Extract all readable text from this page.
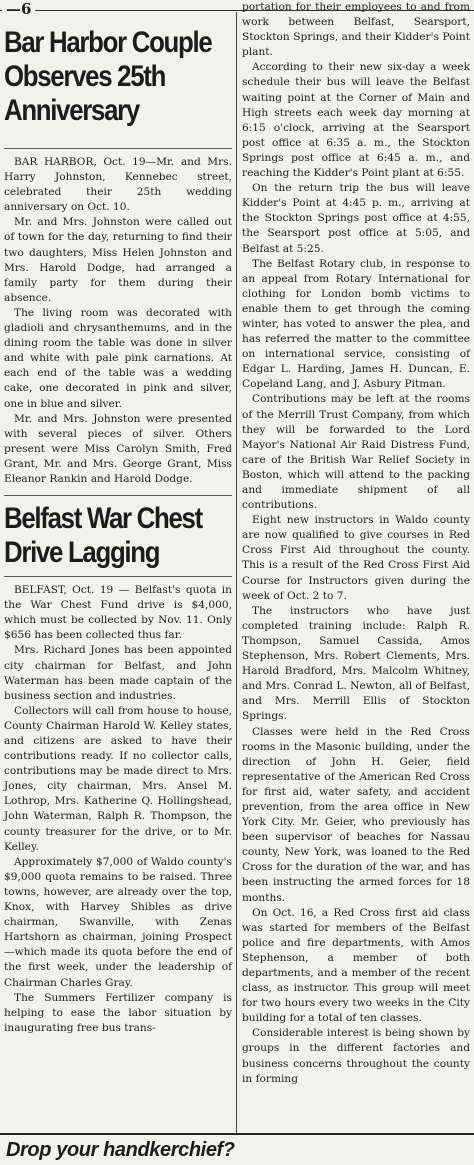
—6
Bar Harbor Couple Observes 25th Anniversary

BAR HARBOR, Oct. 19—Mr. and Mrs. Harry Johnston, Kennebec street, celebrated their 25th wedding anniversary on Oct. 10.

Mr. and Mrs. Johnston were called out of town for the day, returning to find their two daughters, Miss Helen Johnston and Mrs. Harold Dodge, had arranged a family party for them during their absence.

The living room was decorated with gladioli and chrysanthemums, and in the dining room the table was done in silver and white with pale pink carnations. At each end of the table was a wedding cake, one decorated in pink and silver, one in blue and silver.

Mr. and Mrs. Johnston were presented with several pieces of silver. Others present were Miss Carolyn Smith, Fred Grant, Mr. and Mrs. George Grant, Miss Eleanor Rankin and Harold Dodge.

Belfast War Chest Drive Lagging

BELFAST, Oct. 19 — Belfast's quota in the War Chest Fund drive is $4,000, which must be collected by Nov. 11. Only $656 has been collected thus far.

Mrs. Richard Jones has been appointed city chairman for Belfast, and John Waterman has been made captain of the business section and industries.

Collectors will call from house to house, County Chairman Harold W. Kelley states, and citizens are asked to have their contributions ready. If no collector calls, contributions may be made direct to Mrs. Jones, city chairman, Mrs. Ansel M. Lothrop, Mrs. Katherine Q. Hollingshead, John Waterman, Ralph R. Thompson, the county treasurer for the drive, or to Mr. Kelley.

Approximately $7,000 of Waldo county's $9,000 quota remains to be raised. Three towns, however, are already over the top, Knox, with Harvey Shibles as drive chairman, Swanville, with Zenas Hartshorn as chairman, joining Prospect—which made its quota before the end of the first week, under the leadership of Chairman Charles Gray.

The Summers Fertilizer company is helping to ease the labor situation by inaugurating free bus trans-

portation for their employees to and from work between Belfast, Searsport, Stockton Springs, and their Kidder's Point plant.

According to their new six-day a week schedule their bus will leave the Belfast waiting point at the Corner of Main and High streets each week day morning at 6:15 o'clock, arriving at the Searsport post office at 6:35 a. m., the Stockton Springs post office at 6:45 a. m., and reaching the Kidder's Point plant at 6:55.

On the return trip the bus will leave Kidder's Point at 4:45 p. m., arriving at the Stockton Springs post office at 4:55, the Searsport post office at 5:05, and Belfast at 5:25.

The Belfast Rotary club, in response to an appeal from Rotary International for clothing for London bomb victims to enable them to get through the coming winter, has voted to answer the plea, and has referred the matter to the committee on international service, consisting of Edgar L. Harding, James H. Duncan, E. Copeland Lang, and J. Asbury Pitman.

Contributions may be left at the rooms of the Merrill Trust Company, from which they will be forwarded to the Lord Mayor's National Air Raid Distress Fund, care of the British War Relief Society in Boston, which will attend to the packing and immediate shipment of all contributions.

Eight new instructors in Waldo county are now qualified to give courses in Red Cross First Aid throughout the county. This is a result of the Red Cross First Aid Course for Instructors given during the week of Oct. 2 to 7.

The instructors who have just completed training include: Ralph R. Thompson, Samuel Cassida, Amos Stephenson, Mrs. Robert Clements, Mrs. Harold Bradford, Mrs. Malcolm Whitney, and Mrs. Conrad L. Newton, all of Belfast, and Mrs. Merrill Ellis of Stockton Springs.

Classes were held in the Red Cross rooms in the Masonic building, under the direction of John H. Geier, field representative of the American Red Cross for first aid, water safety, and accident prevention, from the area office in New York City. Mr. Geier, who previously has been supervisor of beaches for Nassau county, New York, was loaned to the Red Cross for the duration of the war, and has been instructing the armed forces for 18 months.

On Oct. 16, a Red Cross first aid class was started for members of the Belfast police and fire departments, with Amos Stephenson, a member of both departments, and a member of the recent class, as instructor. This group will meet for two hours every two weeks in the City building for a total of ten classes.

Considerable interest is being shown by groups in the different factories and business concerns throughout the county in forming

Drop your handkerchief?
